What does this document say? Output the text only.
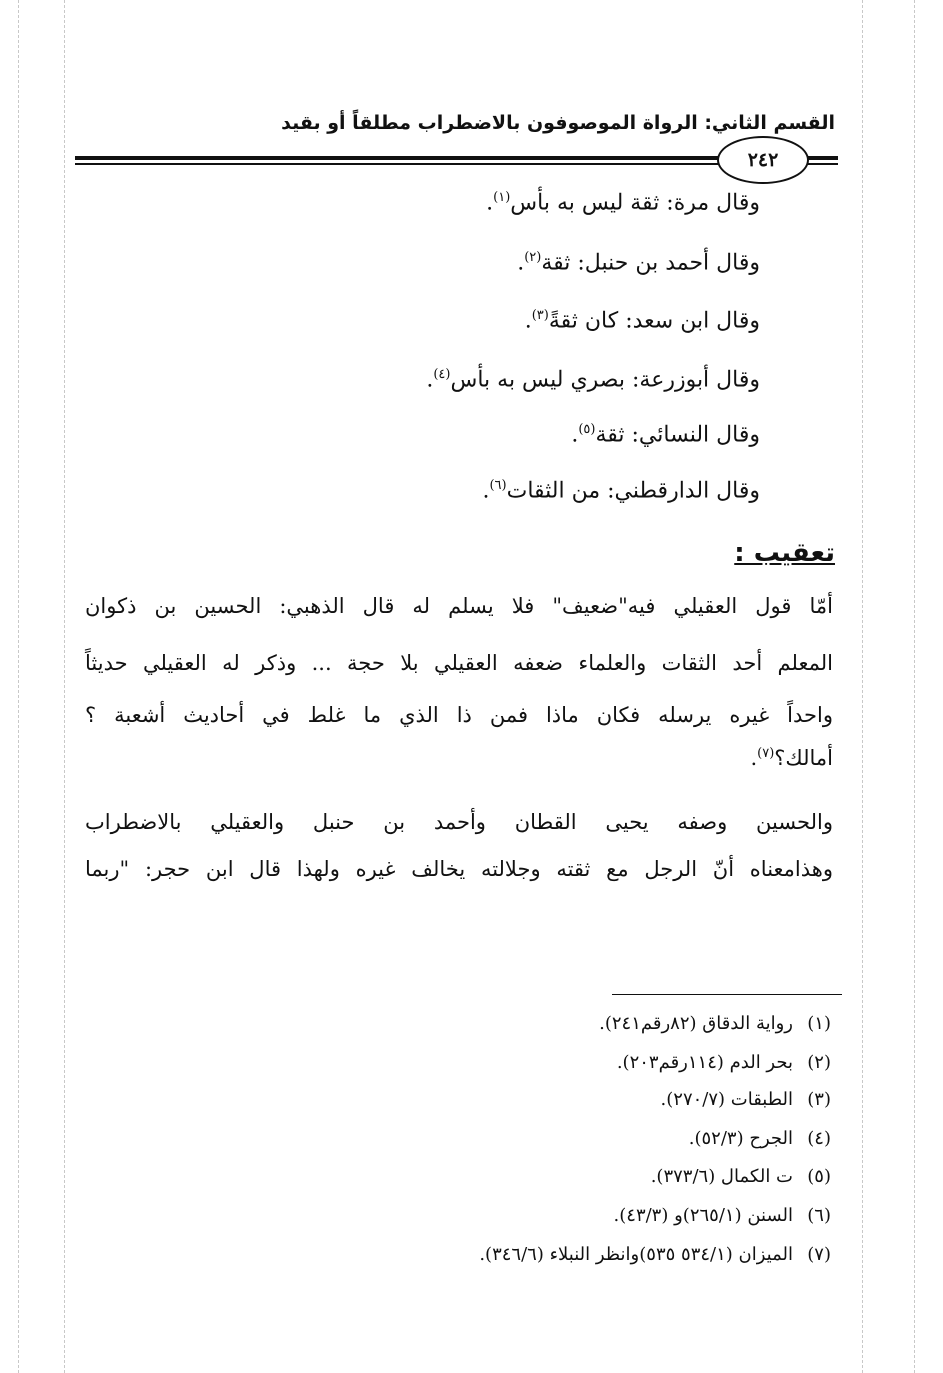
القسم الثاني: الرواة الموصوفون بالاضطراب مطلقاً أو بقيد
٢٤٢
وقال مرة: ثقة ليس به بأس$^{(١)}$.
وقال أحمد بن حنبل: ثقة$^{(٢)}$.
وقال ابن سعد: كان ثقةً$^{(٣)}$.
وقال أبوزرعة: بصري ليس به بأس$^{(٤)}$.
وقال النسائي: ثقة$^{(٥)}$.
وقال الدارقطني: من الثقات$^{(٦)}$.
تعقيب :
أمّا قول العقيلي فيه"ضعيف" فلا يسلم له قال الذهبي: الحسين بن ذكوان
المعلم أحد الثقات والعلماء ضعفه العقيلي بلا حجة ... وذكر له العقيلي حديثاً
واحداً غيره يرسله فكان ماذا فمن ذا الذي ما غلط في أحاديث أشعبة ؟
أمالك؟$^{(٧)}$.
والحسين وصفه يحيى القطان وأحمد بن حنبل والعقيلي بالاضطراب
وهذامعناه أنّ الرجل مع ثقته وجلالته يخالف غيره ولهذا قال ابن حجر: "ربما
(١)رواية الدقاق (٨٢رقم٢٤١).
(٢)بحر الدم (١١٤رقم٢٠٣).
(٣)الطبقات (٢٧٠/٧).
(٤)الجرح (٥٢/٣).
(٥)ت الكمال (٣٧٣/٦).
(٦)السنن (٢٦٥/١)و (٤٣/٣).
(٧)الميزان (٥٣٤/١ ٥٣٥)وانظر النبلاء (٣٤٦/٦).
